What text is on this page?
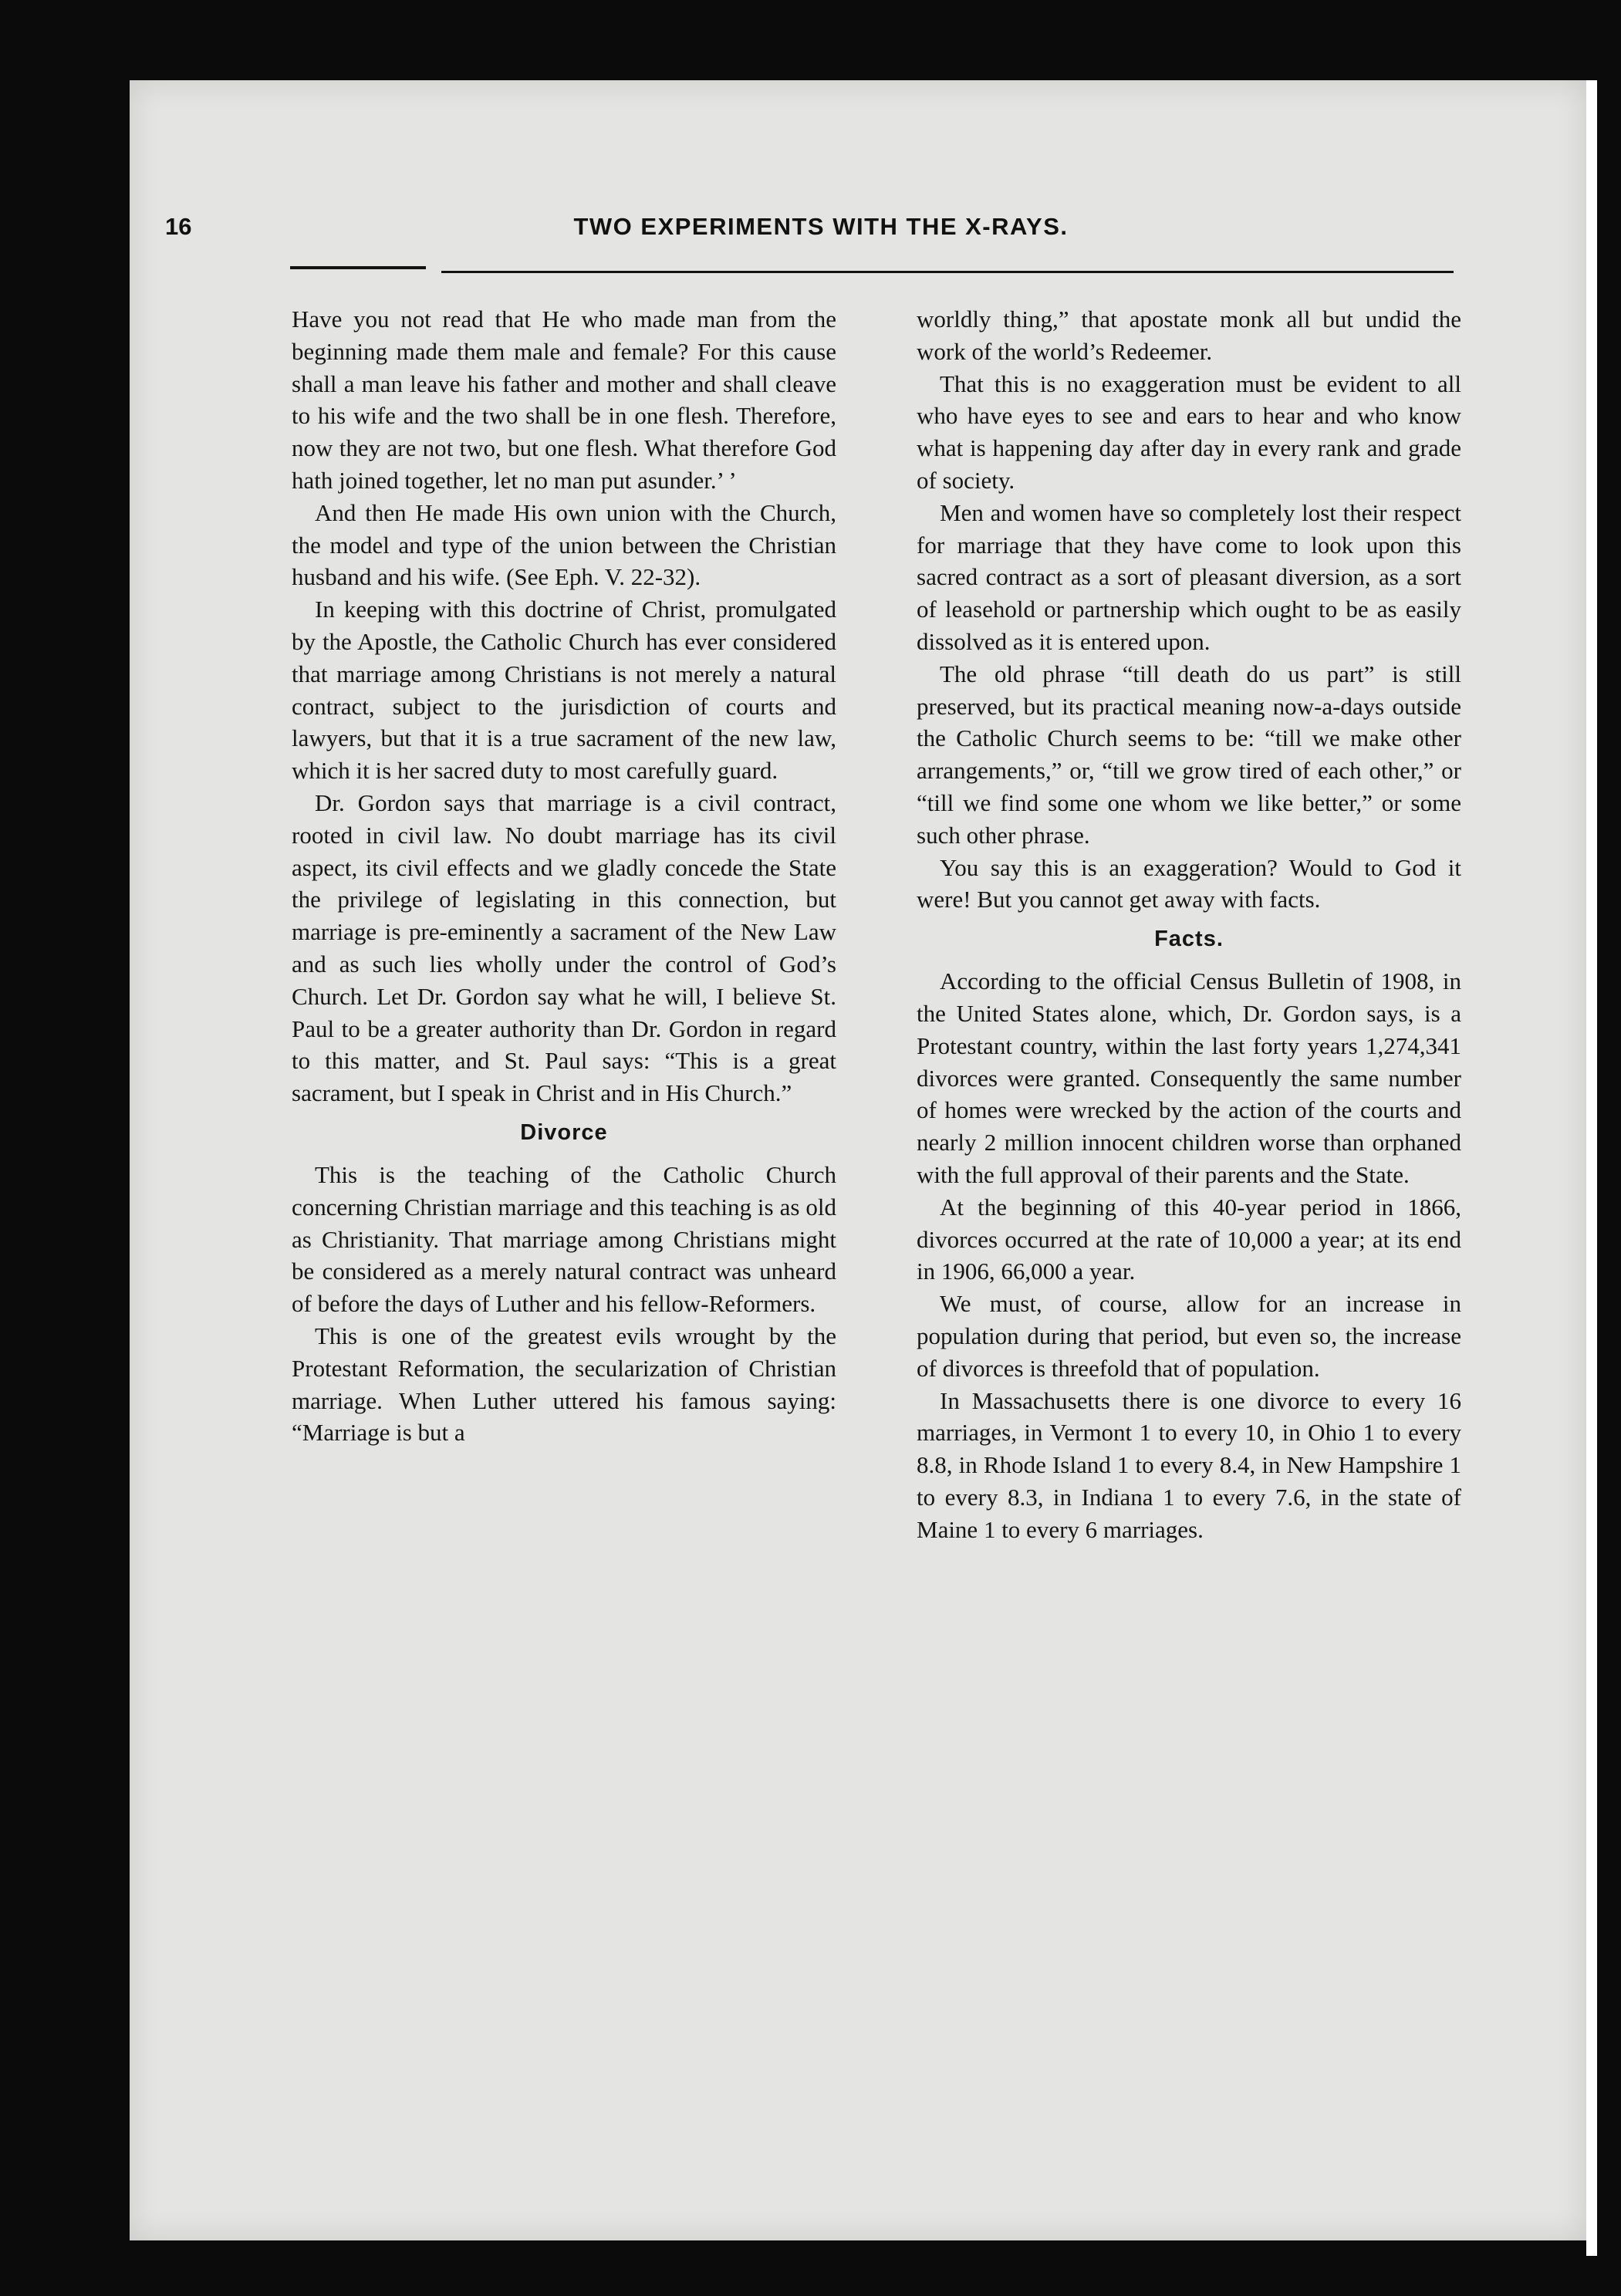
16	TWO EXPERIMENTS WITH THE X-RAYS.

Have you not read that He who made man from the beginning made them male and female? For this cause shall a man leave his father and mother and shall cleave to his wife and the two shall be in one flesh. Therefore, now they are not two, but one flesh. What therefore God hath joined together, let no man put asunder.’ ’

And then He made His own union with the Church, the model and type of the union between the Christian husband and his wife. (See Eph. V. 22-32).

In keeping with this doctrine of Christ, promulgated by the Apostle, the Catholic Church has ever considered that marriage among Christians is not merely a natural contract, subject to the jurisdiction of courts and lawyers, but that it is a true sacrament of the new law, which it is her sacred duty to most carefully guard.

Dr. Gordon says that marriage is a civil contract, rooted in civil law. No doubt marriage has its civil aspect, its civil effects and we gladly concede the State the privilege of legislating in this connection, but marriage is pre-eminently a sacrament of the New Law and as such lies wholly under the control of God’s Church. Let Dr. Gordon say what he will, I believe St. Paul to be a greater authority than Dr. Gordon in regard to this matter, and St. Paul says: “This is a great sacrament, but I speak in Christ and in His Church.”

Divorce

This is the teaching of the Catholic Church concerning Christian marriage and this teaching is as old as Christianity. That marriage among Christians might be considered as a merely natural contract was unheard of before the days of Luther and his fellow-Reformers.

This is one of the greatest evils wrought by the Protestant Reformation, the secularization of Christian marriage. When Luther uttered his famous saying: “Marriage is but a

worldly thing,” that apostate monk all but undid the work of the world’s Redeemer.

That this is no exaggeration must be evident to all who have eyes to see and ears to hear and who know what is happening day after day in every rank and grade of society.

Men and women have so completely lost their respect for marriage that they have come to look upon this sacred contract as a sort of pleasant diversion, as a sort of leasehold or partnership which ought to be as easily dissolved as it is entered upon.

The old phrase “till death do us part” is still preserved, but its practical meaning now-a-days outside the Catholic Church seems to be: “till we make other arrangements,” or, “till we grow tired of each other,” or “till we find some one whom we like better,” or some such other phrase.

You say this is an exaggeration? Would to God it were! But you cannot get away with facts.

Facts.

According to the official Census Bulletin of 1908, in the United States alone, which, Dr. Gordon says, is a Protestant country, within the last forty years 1,274,341 divorces were granted. Consequently the same number of homes were wrecked by the action of the courts and nearly 2 million innocent children worse than orphaned with the full approval of their parents and the State.

At the beginning of this 40-year period in 1866, divorces occurred at the rate of 10,000 a year; at its end in 1906, 66,000 a year.

We must, of course, allow for an increase in population during that period, but even so, the increase of divorces is threefold that of population.

In Massachusetts there is one divorce to every 16 marriages, in Vermont 1 to every 10, in Ohio 1 to every 8.8, in Rhode Island 1 to every 8.4, in New Hampshire 1 to every 8.3, in Indiana 1 to every 7.6, in the state of Maine 1 to every 6 marriages.
